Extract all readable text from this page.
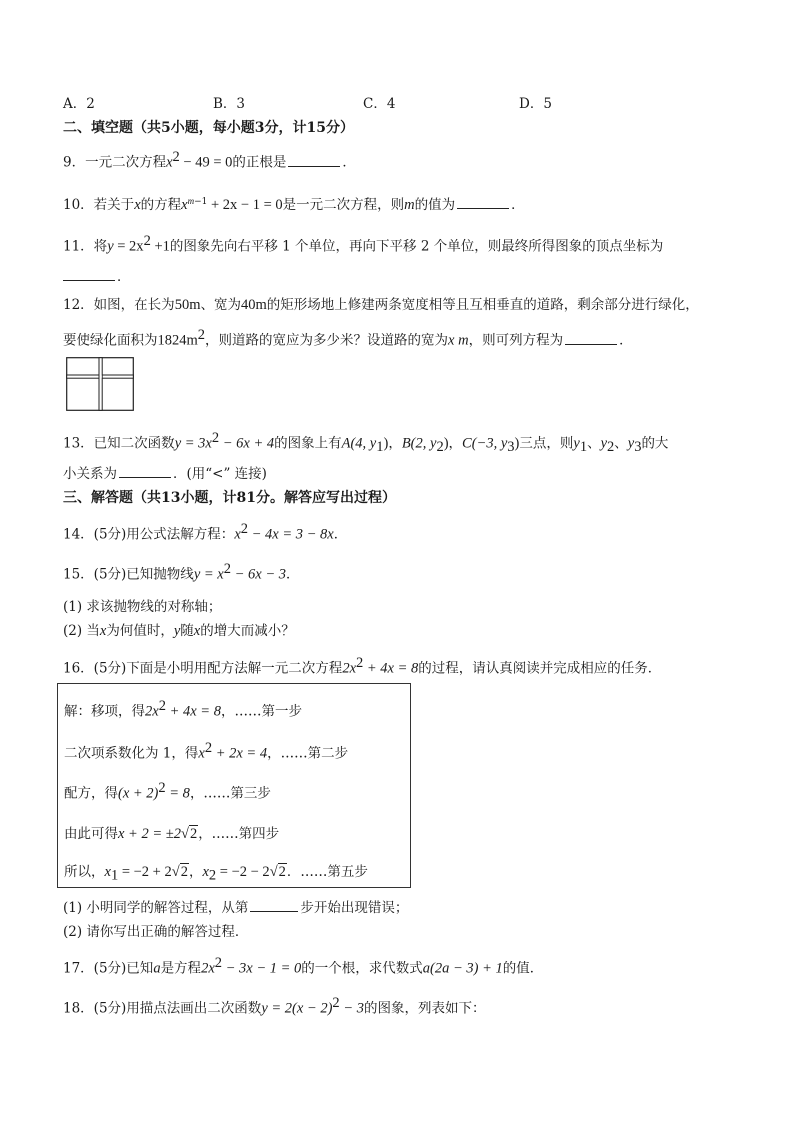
A．2	B．3	C．4	D．5
二、填空题（共5小题，每小题3分，计15分）
9．一元二次方程$x^2 - 49 = 0$的正根是	．
10．若关于x的方程$x^{m-1} + 2x - 1 = 0$是一元二次方程，则m的值为	．
11．将$y = 2x^2 +1$的图象先向右平移 1 个单位，再向下平移 2 个单位，则最终所得图象的顶点坐标为
．
12．如图，在长为50m、宽为40m的矩形场地上修建两条宽度相等且互相垂直的道路，剩余部分进行绿化，
要使绿化面积为$1824m^2$，则道路的宽应为多少米？设道路的宽为x m，则可列方程为	．
13．已知二次函数$y = 3x^2 - 6x + 4$的图象上有A(4, $y_1$)，B(2, $y_2$)，C(−3, $y_3$)三点，则$y_1$、$y_2$、$y_3$的大
小关系为	．(用“<” 连接)
三、解答题（共13小题，计81分。解答应写出过程）
14．(5分)用公式法解方程：$x^2 - 4x = 3 - 8x$．
15．(5分)已知抛物线$y = x^2 - 6x - 3$．
(1) 求该抛物线的对称轴；
(2) 当x为何值时，y随x的增大而减小？
16．(5分)下面是小明用配方法解一元二次方程$2x^2 + 4x = 8$的过程，请认真阅读并完成相应的任务．
解：移项，得$2x^2 + 4x = 8$，……第一步
二次项系数化为 1，得$x^2 + 2x = 4$，……第二步
配方，得$(x + 2)^2 = 8$，……第三步
由此可得x + 2 = ±2√2，……第四步
所以，$x_1 = -2 + 2√2$，$x_2 = -2 - 2√2$．……第五步
(1) 小明同学的解答过程，从第	步开始出现错误；
(2) 请你写出正确的解答过程．
17．(5分)已知a是方程$2x^2 - 3x - 1 = 0$的一个根，求代数式a(2a − 3) + 1的值．
18．(5分)用描点法画出二次函数$y = 2(x - 2)^2 - 3$的图象，列表如下：
